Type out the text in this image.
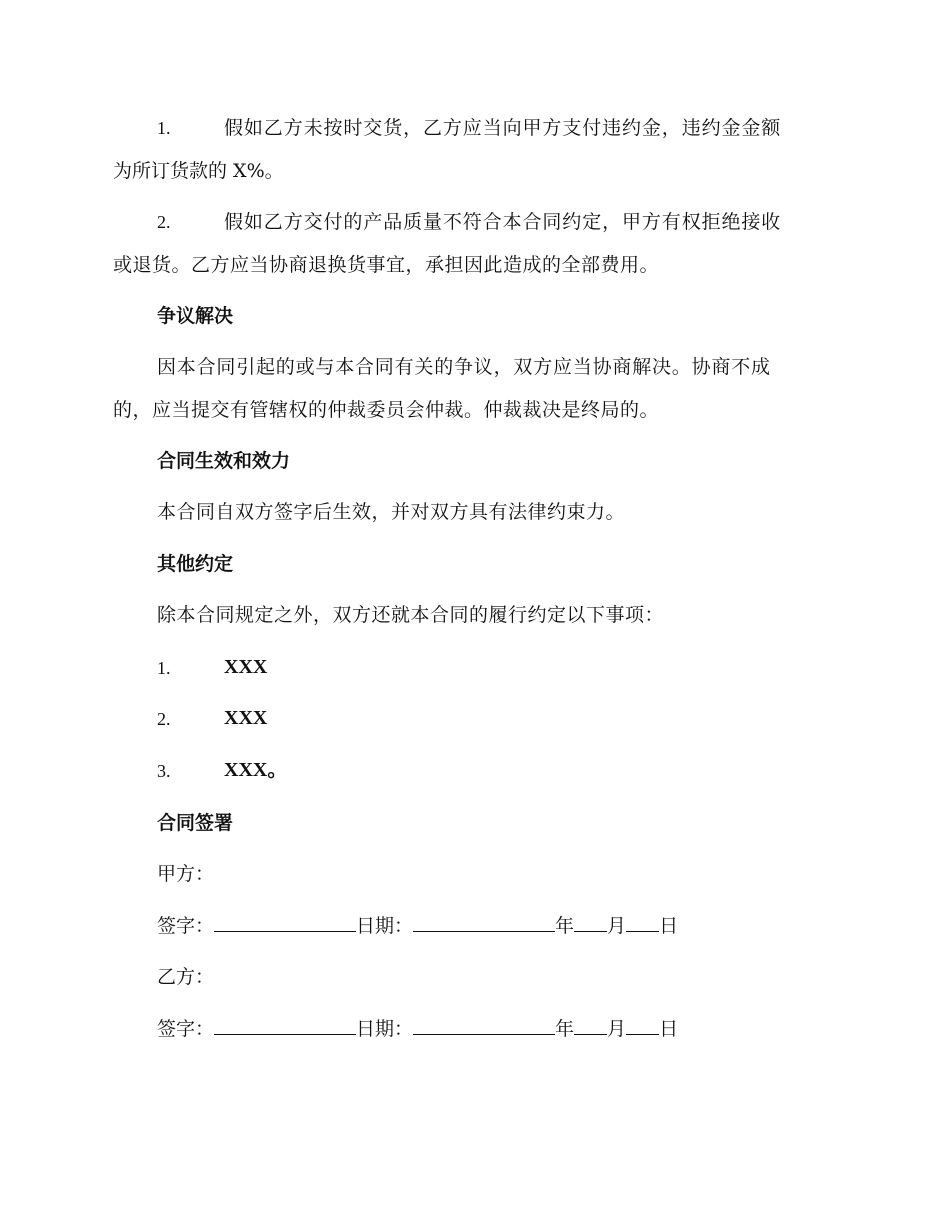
1.	假如乙方未按时交货，乙方应当向甲方支付违约金，违约金金额
为所订货款的 X%。
2.	假如乙方交付的产品质量不符合本合同约定，甲方有权拒绝接收
或退货。乙方应当协商退换货事宜，承担因此造成的全部费用。
争议解决
因本合同引起的或与本合同有关的争议，双方应当协商解决。协商不成
的，应当提交有管辖权的仲裁委员会仲裁。仲裁裁决是终局的。
合同生效和效力
本合同自双方签字后生效，并对双方具有法律约束力。
其他约定
除本合同规定之外，双方还就本合同的履行约定以下事项：
1.	XXX
2.	XXX
3.	XXX。
合同签署
甲方：
签字：	日期：	年 月 日
乙方：
签字：	日期：	年 月 日
